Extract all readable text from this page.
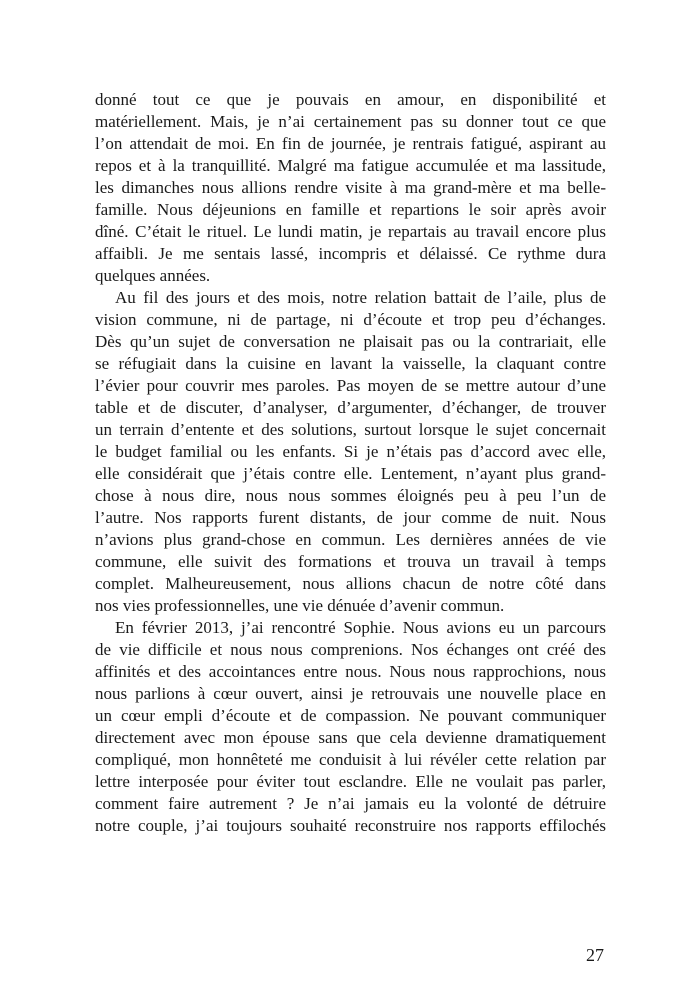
donné tout ce que je pouvais en amour, en disponibilité et
matériellement. Mais, je n’ai certainement pas su donner tout ce que
l’on attendait de moi. En fin de journée, je rentrais fatigué, aspirant au
repos et à la tranquillité. Malgré ma fatigue accumulée et ma lassitude,
les dimanches nous allions rendre visite à ma grand-mère et ma belle-
famille. Nous déjeunions en famille et repartions le soir après avoir
dîné. C’était le rituel. Le lundi matin, je repartais au travail encore plus
affaibli. Je me sentais lassé, incompris et délaissé. Ce rythme dura
quelques années.
Au fil des jours et des mois, notre relation battait de l’aile, plus de
vision commune, ni de partage, ni d’écoute et trop peu d’échanges.
Dès qu’un sujet de conversation ne plaisait pas ou la contrariait, elle
se réfugiait dans la cuisine en lavant la vaisselle, la claquant contre
l’évier pour couvrir mes paroles. Pas moyen de se mettre autour d’une
table et de discuter, d’analyser, d’argumenter, d’échanger, de trouver
un terrain d’entente et des solutions, surtout lorsque le sujet concernait
le budget familial ou les enfants. Si je n’étais pas d’accord avec elle,
elle considérait que j’étais contre elle. Lentement, n’ayant plus grand-
chose à nous dire, nous nous sommes éloignés peu à peu l’un de
l’autre. Nos rapports furent distants, de jour comme de nuit. Nous
n’avions plus grand-chose en commun. Les dernières années de vie
commune, elle suivit des formations et trouva un travail à temps
complet. Malheureusement, nous allions chacun de notre côté dans
nos vies professionnelles, une vie dénuée d’avenir commun.
En février 2013, j’ai rencontré Sophie. Nous avions eu un parcours
de vie difficile et nous nous comprenions. Nos échanges ont créé des
affinités et des accointances entre nous. Nous nous rapprochions, nous
nous parlions à cœur ouvert, ainsi je retrouvais une nouvelle place en
un cœur empli d’écoute et de compassion. Ne pouvant communiquer
directement avec mon épouse sans que cela devienne dramatiquement
compliqué, mon honnêteté me conduisit à lui révéler cette relation par
lettre interposée pour éviter tout esclandre. Elle ne voulait pas parler,
comment faire autrement ? Je n’ai jamais eu la volonté de détruire
notre couple, j’ai toujours souhaité reconstruire nos rapports effilochés
27
